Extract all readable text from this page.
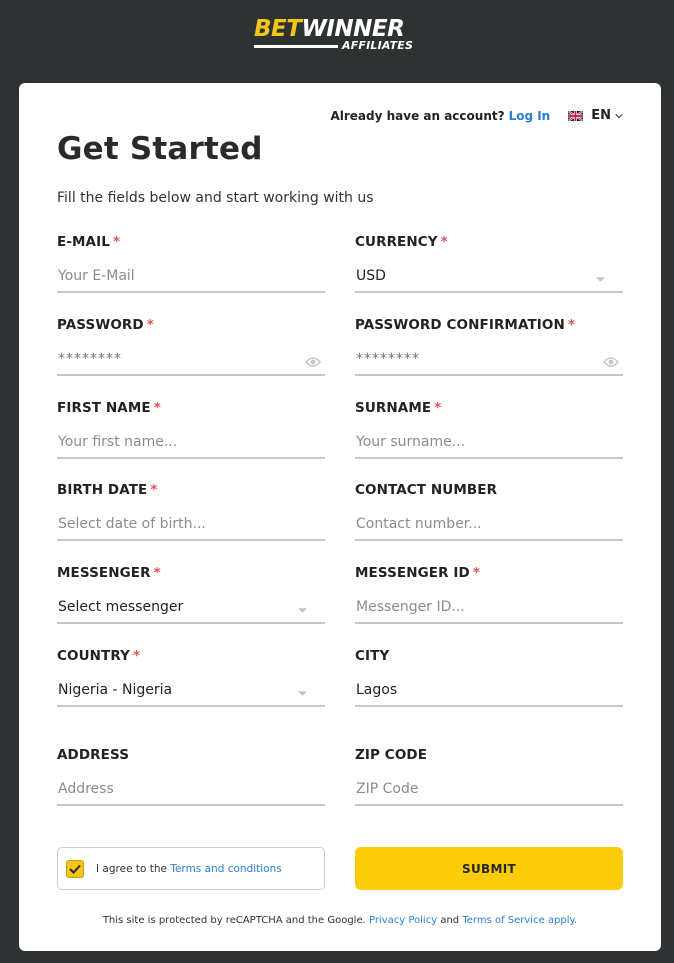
BETWINNER
AFFILIATES
Already have an account? Log In	EN
Get Started
Fill the fields below and start working with us
E-MAIL *
Your E-Mail
CURRENCY *
USD
PASSWORD *
********
PASSWORD CONFIRMATION *
********
FIRST NAME *
Your first name...
SURNAME *
Your surname...
BIRTH DATE *
Select date of birth...
CONTACT NUMBER
Contact number...
MESSENGER *
Select messenger
MESSENGER ID *
Messenger ID...
COUNTRY *
Nigeria - Nigeria
CITY
Lagos
ADDRESS
Address
ZIP CODE
ZIP Code
I agree to the Terms and conditions	SUBMIT
This site is protected by reCAPTCHA and the Google. Privacy Policy and Terms of Service apply.
